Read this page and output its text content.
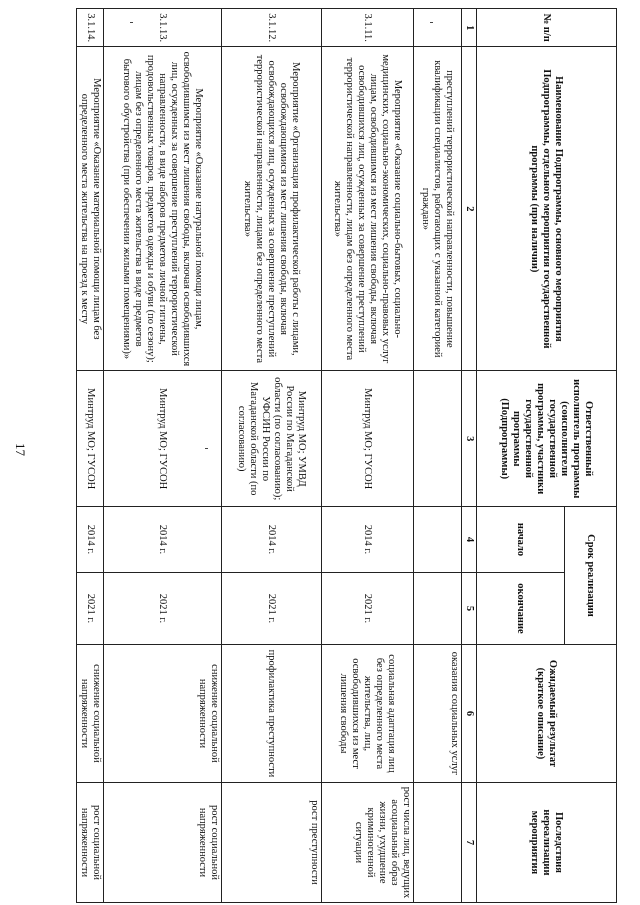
17
№ п/п	Наименование Подпрограммы, основного мероприятия Подпрограммы, отдельного мероприятия государственной программы (при наличии)	Ответственный исполнитель программы (соисполнители государственной программы, участники государственной программы (Подпрограммы)	Срок реализации		Ожидаемый результат (краткое описание)	Последствия нереализации мероприятия
			начало	окончание		
1	2	3	4	5	6	7
	преступлений террористической направленности, повышение квалификации специалистов, работающих с указанной категорией граждан»				оказания социальных услуг	
3.1.11.	Мероприятие «Оказание социально-бытовых, социально-медицинских, социально-экономических, социально-правовых услуг лицам, освободившимся из мест лишения свободы, включая освободившихся лиц, осужденных за совершение преступлений террористической направленности, лицам без определенного места жительства»	Минтруд МО; ГУСОН	2014 г.	2021 г.	социальная адаптация лиц без определенного места жительства, лиц, освободившихся из мест лишения свободы	рост числа лиц, ведущих асоциальный образ жизни, ухудшение криминогенной ситуации
3.1.12.	Мероприятие «Организация профилактической работы с лицами, освобождающимися из мест лишения свободы, включая освобождающихся лиц, осужденных за совершение преступлений террористической направленности, лицами без определенного места жительства»	Минтруд МО; УМВД России по Магаданской области (по согласованию); УФСИН России по Магаданской области (по согласованию)	2014 г.	2021 г.	профилактика преступности	рост преступности
3.1.13.	Мероприятие «Оказание натуральной помощи лицам, освободившимся из мест лишения свободы, включая освободившихся лиц, осужденных за совершение преступлений террористической направленности, в виде наборов предметов личной гигиены, продовольственных товаров, предметов одежды и обуви (по сезону); лицам без определенного места жительства в виде предметов бытового обустройства (при обеспечении жилыми помещениями)»	Минтруд МО; ГУСОН	2014 г.	2021 г.	снижение социальной напряженности	рост социальной напряженности
3.1.14.	Мероприятие «Оказание материальной помощи лицам без определенного места жительства на проезд к месту	Минтруд МО; ГУСОН	2014 г.	2021 г.	снижение социальной напряженности	рост социальной напряженности
